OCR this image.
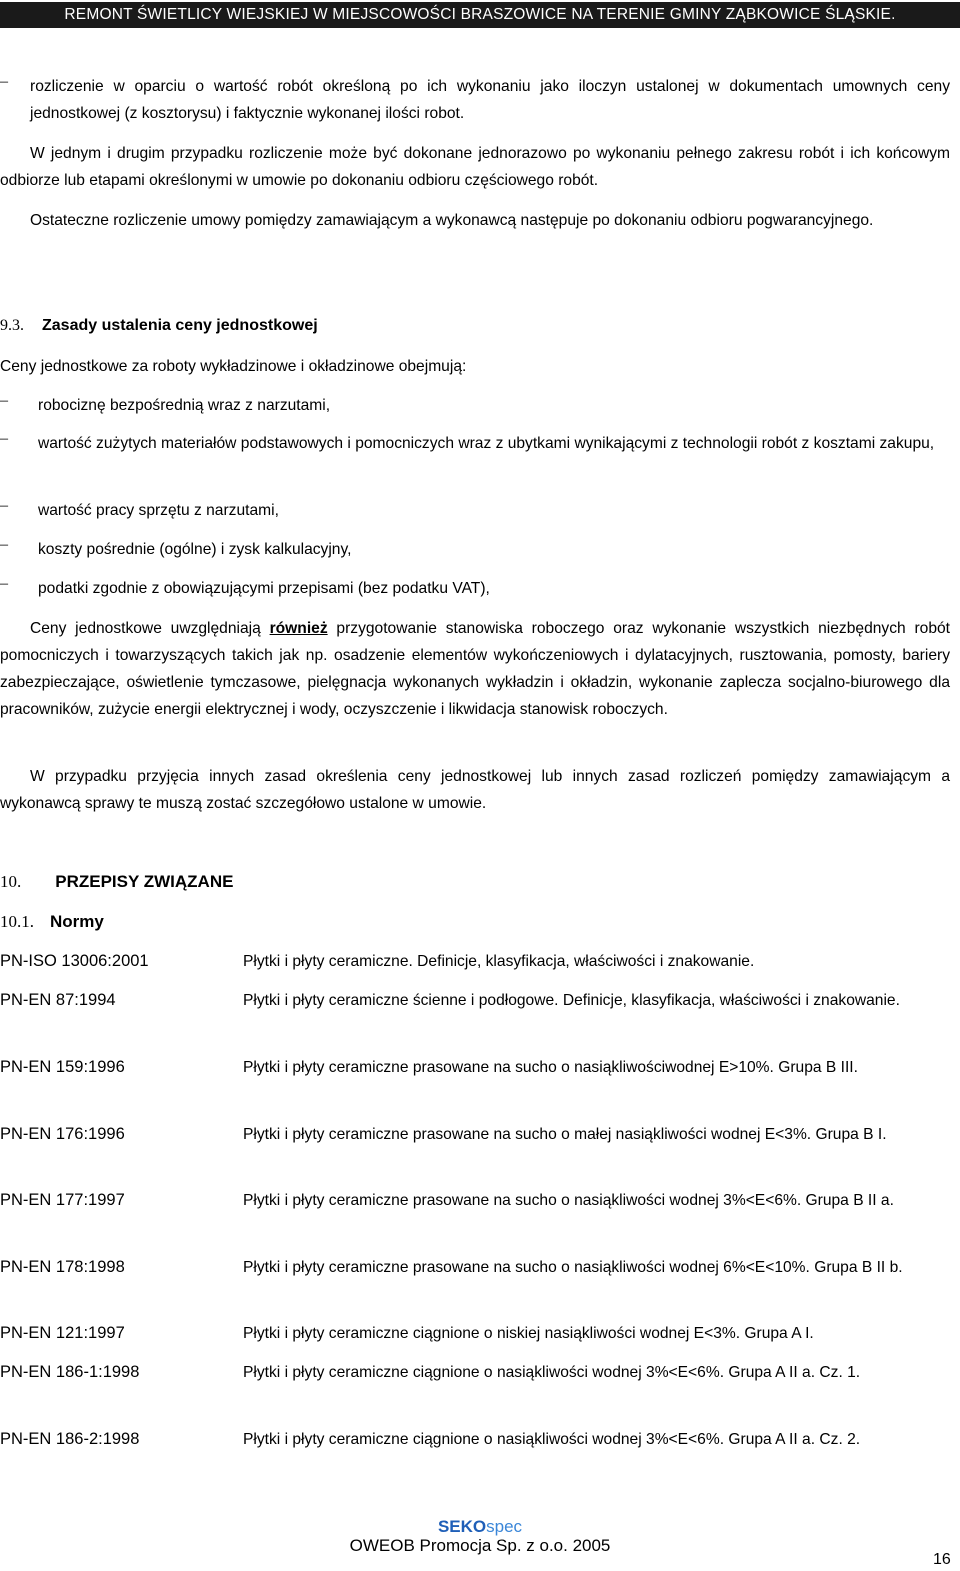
REMONT ŚWIETLICY WIEJSKIEJ W MIEJSCOWOŚCI BRASZOWICE NA TERENIE GMINY ZĄBKOWICE ŚLĄSKIE.
– rozliczenie w oparciu o wartość robót określoną po ich wykonaniu jako iloczyn ustalonej w dokumentach umownych ceny jednostkowej (z kosztorysu) i faktycznie wykonanej ilości robot.

W jednym i drugim przypadku rozliczenie może być dokonane jednorazowo po wykonaniu pełnego zakresu robót i ich końcowym odbiorze lub etapami określonymi w umowie po dokonaniu odbioru częściowego robót.

Ostateczne rozliczenie umowy pomiędzy zamawiającym a wykonawcą następuje po dokonaniu odbioru pogwarancyjnego.

9.3. Zasady ustalenia ceny jednostkowej

Ceny jednostkowe za roboty wykładzinowe i okładzinowe obejmują:

– robociznę bezpośrednią wraz z narzutami,

–	wartość zużytych materiałów podstawowych i pomocniczych wraz z ubytkami wynikającymi z technologii robót z kosztami zakupu,

– wartość pracy sprzętu z narzutami,

– koszty pośrednie (ogólne) i zysk kalkulacyjny,

– podatki zgodnie z obowiązującymi przepisami (bez podatku VAT),

Ceny jednostkowe uwzględniają również przygotowanie stanowiska roboczego oraz wykonanie wszystkich niezbędnych robót pomocniczych i towarzyszących takich jak np. osadzenie elementów wykończeniowych i dylatacyjnych, rusztowania, pomosty, bariery zabezpieczające, oświetlenie tymczasowe, pielęgnacja wykonanych wykładzin i okładzin, wykonanie zaplecza socjalno-biurowego dla pracowników, zużycie energii elektrycznej i wody, oczyszczenie i likwidacja stanowisk roboczych.

W przypadku przyjęcia innych zasad określenia ceny jednostkowej lub innych zasad rozliczeń pomiędzy zamawiającym a wykonawcą sprawy te muszą zostać szczegółowo ustalone w umowie.

10. PRZEPISY ZWIĄZANE
10.1. Normy
PN-ISO 13006:2001	Płytki i płyty ceramiczne. Definicje, klasyfikacja, właściwości i znakowanie.
PN-EN 87:1994	Płytki i płyty ceramiczne ścienne i podłogowe. Definicje, klasyfikacja, właściwości i znakowanie.
PN-EN 159:1996	Płytki i płyty ceramiczne prasowane na sucho o nasiąkliwościwodnej E>10%. Grupa B III.
PN-EN 176:1996	Płytki i płyty ceramiczne prasowane na sucho o małej nasiąkliwości wodnej E<3%. Grupa B I.
PN-EN 177:1997	Płytki i płyty ceramiczne prasowane na sucho o nasiąkliwości wodnej 3%<E<6%. Grupa B II a.
PN-EN 178:1998	Płytki i płyty ceramiczne prasowane na sucho o nasiąkliwości wodnej 6%<E<10%. Grupa B II b.
PN-EN 121:1997	Płytki i płyty ceramiczne ciągnione o niskiej nasiąkliwości wodnej E<3%. Grupa A I.
PN-EN 186-1:1998	Płytki i płyty ceramiczne ciągnione o nasiąkliwości wodnej 3%<E<6%. Grupa A II a. Cz. 1.
PN-EN 186-2:1998	Płytki i płyty ceramiczne ciągnione o nasiąkliwości wodnej 3%<E<6%. Grupa A II a. Cz. 2.
SEKOspec
OWEOB Promocja Sp. z o.o. 2005
16
